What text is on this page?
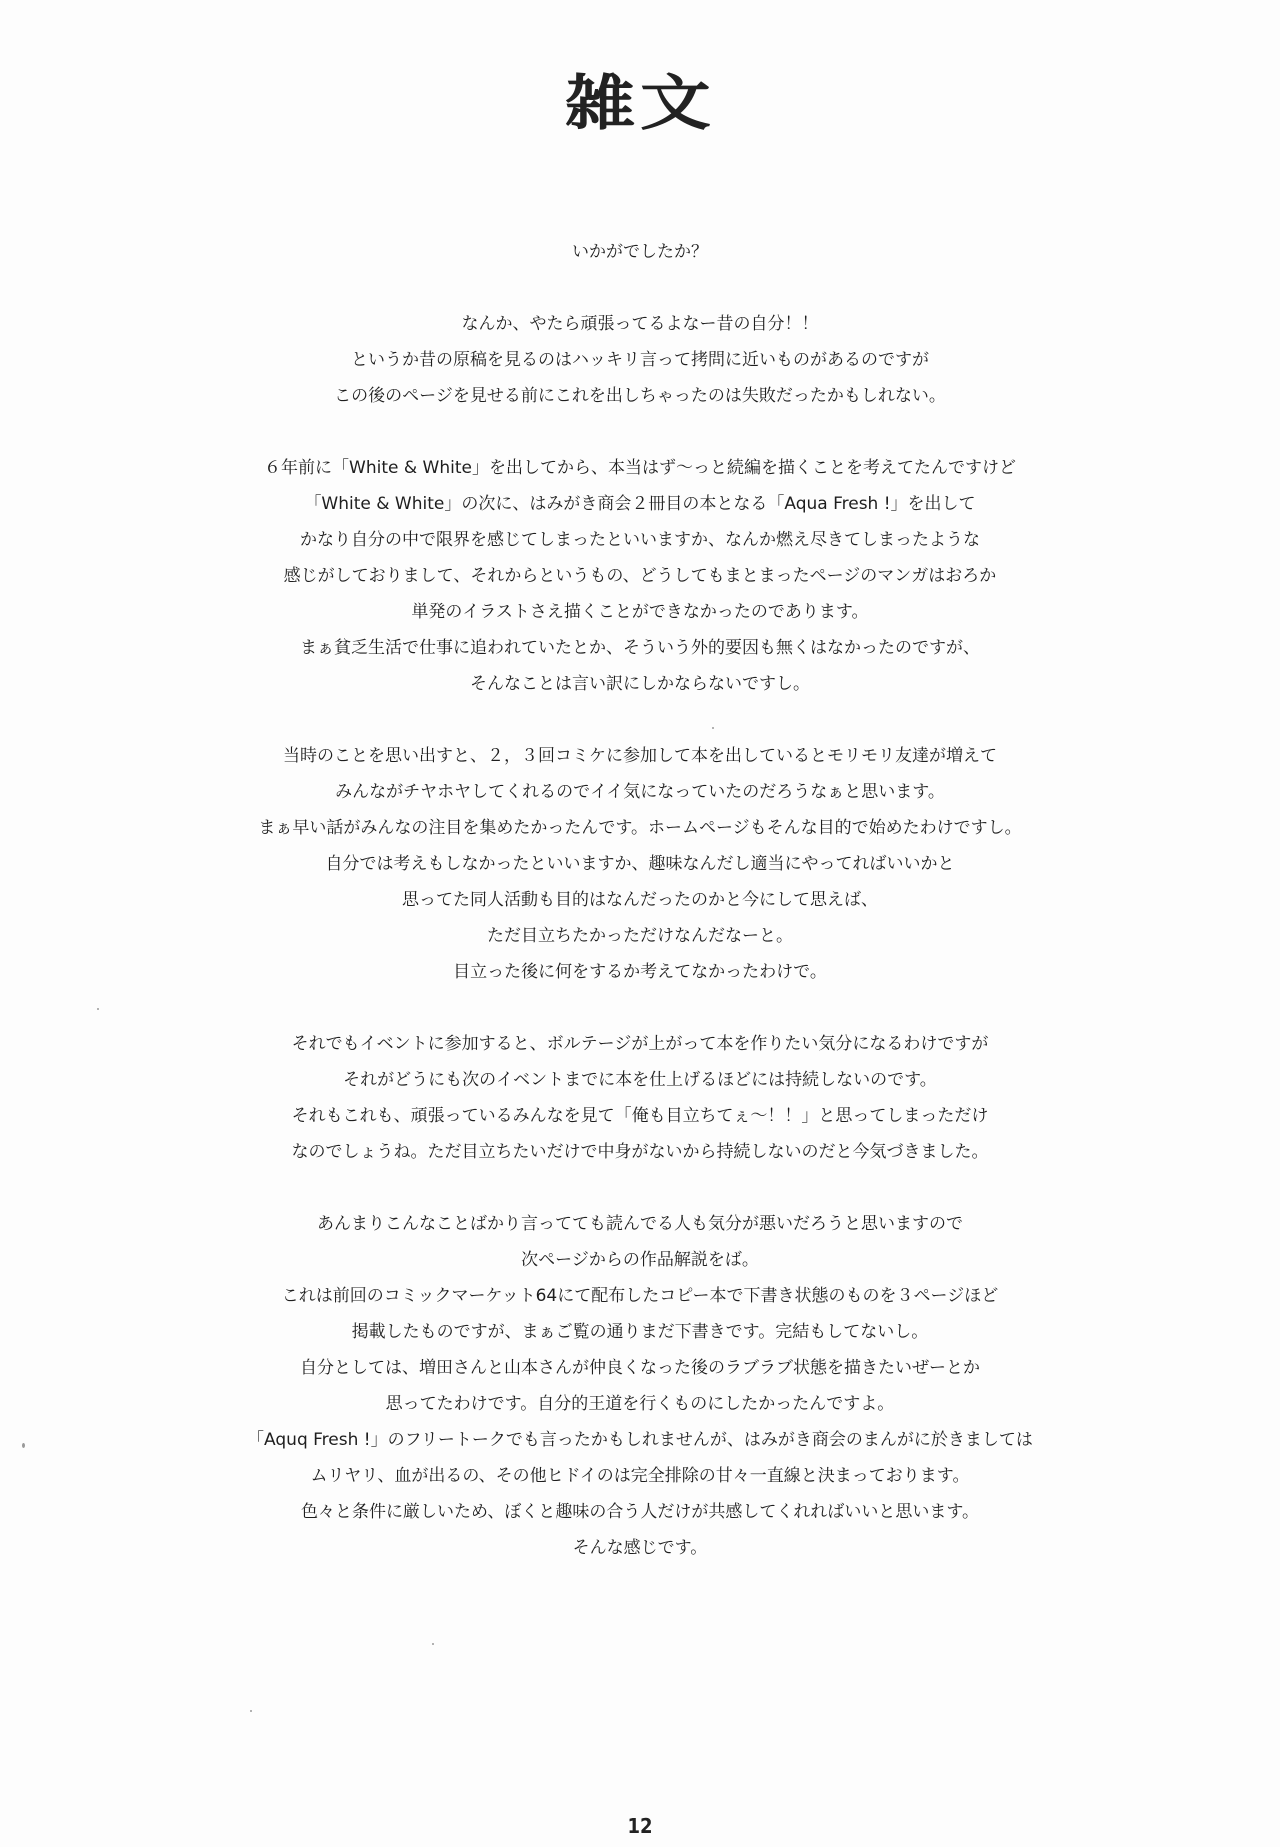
雑文
いかがでしたか？
なんか、やたら頑張ってるよなー昔の自分！！
というか昔の原稿を見るのはハッキリ言って拷問に近いものがあるのですが
この後のページを見せる前にこれを出しちゃったのは失敗だったかもしれない。
６年前に「White & White」を出してから、本当はず～っと続編を描くことを考えてたんですけど
「White & White」の次に、はみがき商会２冊目の本となる「Aqua Fresh !」を出して
かなり自分の中で限界を感じてしまったといいますか、なんか燃え尽きてしまったような
感じがしておりまして、それからというもの、どうしてもまとまったページのマンガはおろか
単発のイラストさえ描くことができなかったのであります。
まぁ貧乏生活で仕事に追われていたとか、そういう外的要因も無くはなかったのですが、
そんなことは言い訳にしかならないですし。
当時のことを思い出すと、２，３回コミケに参加して本を出しているとモリモリ友達が増えて
みんながチヤホヤしてくれるのでイイ気になっていたのだろうなぁと思います。
まぁ早い話がみんなの注目を集めたかったんです。ホームページもそんな目的で始めたわけですし。
自分では考えもしなかったといいますか、趣味なんだし適当にやってればいいかと
思ってた同人活動も目的はなんだったのかと今にして思えば、
ただ目立ちたかっただけなんだなーと。
目立った後に何をするか考えてなかったわけで。
それでもイベントに参加すると、ボルテージが上がって本を作りたい気分になるわけですが
それがどうにも次のイベントまでに本を仕上げるほどには持続しないのです。
それもこれも、頑張っているみんなを見て「俺も目立ちてぇ～！！」と思ってしまっただけ
なのでしょうね。ただ目立ちたいだけで中身がないから持続しないのだと今気づきました。
あんまりこんなことばかり言ってても読んでる人も気分が悪いだろうと思いますので
次ページからの作品解説をば。
これは前回のコミックマーケット64にて配布したコピー本で下書き状態のものを３ページほど
掲載したものですが、まぁご覧の通りまだ下書きです。完結もしてないし。
自分としては、増田さんと山本さんが仲良くなった後のラブラブ状態を描きたいぜーとか
思ってたわけです。自分的王道を行くものにしたかったんですよ。
「Aquq Fresh !」のフリートークでも言ったかもしれませんが、はみがき商会のまんがに於きましては
ムリヤリ、血が出るの、その他ヒドイのは完全排除の甘々一直線と決まっております。
色々と条件に厳しいため、ぼくと趣味の合う人だけが共感してくれればいいと思います。
そんな感じです。
12
